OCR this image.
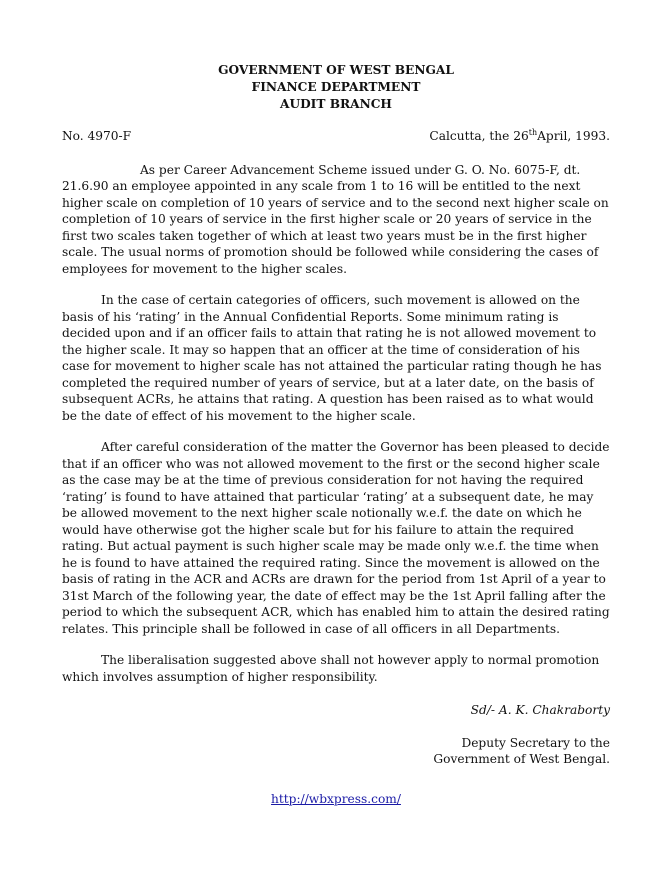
GOVERNMENT OF WEST BENGAL
FINANCE DEPARTMENT
AUDIT BRANCH
No. 4970-F	Calcutta, the 26thApril, 1993.

As per Career Advancement Scheme issued under G. O. No. 6075-F, dt. 21.6.90 an employee appointed in any scale from 1 to 16 will be entitled to the next higher scale on completion of 10 years of service and to the second next higher scale on completion of 10 years of service in the first higher scale or 20 years of service in the first two scales taken together of which at least two years must be in the first higher scale. The usual norms of promotion should be followed while considering the cases of employees for movement to the higher scales.

In the case of certain categories of officers, such movement is allowed on the basis of his ‘rating’ in the Annual Confidential Reports. Some minimum rating is decided upon and if an officer fails to attain that rating he is not allowed movement to the higher scale. It may so happen that an officer at the time of consideration of his case for movement to higher scale has not attained the particular rating though he has completed the required number of years of service, but at a later date, on the basis of subsequent ACRs, he attains that rating. A question has been raised as to what would be the date of effect of his movement to the higher scale.

After careful consideration of the matter the Governor has been pleased to decide that if an officer who was not allowed movement to the first or the second higher scale as the case may be at the time of previous consideration for not having the required ‘rating’ is found to have attained that particular ‘rating’ at a subsequent date, he may be allowed movement to the next higher scale notionally w.e.f. the date on which he would have otherwise got the higher scale but for his failure to attain the required rating. But actual payment is such higher scale may be made only w.e.f. the time when he is found to have attained the required rating. Since the movement is allowed on the basis of rating in the ACR and ACRs are drawn for the period from 1st April of a year to 31st March of the following year, the date of effect may be the 1st April falling after the period to which the subsequent ACR, which has enabled him to attain the desired rating relates. This principle shall be followed in case of all officers in all Departments.

The liberalisation suggested above shall not however apply to normal promotion which involves assumption of higher responsibility.

Sd/- A. K. Chakraborty
Deputy Secretary to the
Government of West Bengal.
http://wbxpress.com/
